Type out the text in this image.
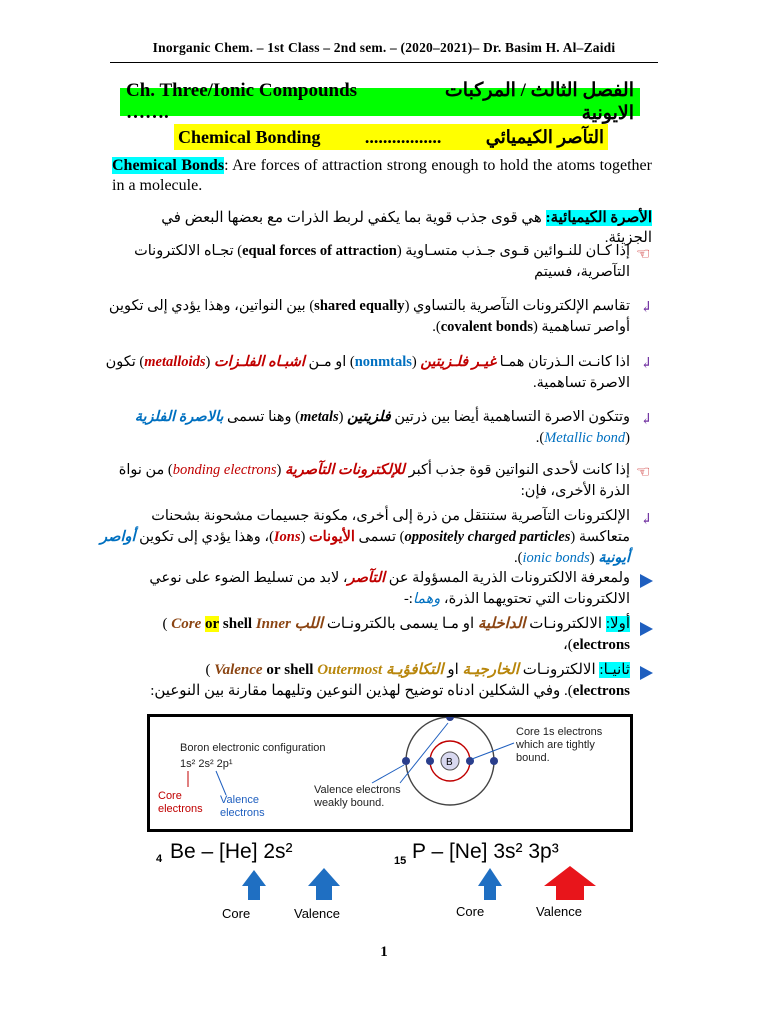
Inorganic Chem. – 1st Class – 2nd sem. – (2020–2021)– Dr. Basim H. Al–Zaidi
Ch. Three/Ionic Compounds …….
الفصل الثالث / المركبات الايونية
Chemical Bonding ................. التآصر الكيميائي
Chemical Bonds: Are forces of attraction strong enough to hold the atoms together in a molecule.
الأصرة الكيميائية: هي قوى جذب قوية بما يكفي لربط الذرات مع بعضها البعض في الجزيئة.
☜
إذا كـان للنـوائين قـوى جـذب متسـاوية (equal forces of attraction) تجـاه الالكترونات التآصرية، فسيتم
↲
تقاسم الإلكترونات التآصرية بالتساوي (shared equally) بين النواتين، وهذا يؤدي إلى تكوين أواصر تساهمية (covalent bonds).
↲
اذا كانـت الـذرتان همـا غيـر فلـزيتين (nonmtals) او مـن اشبـاه الفلـزات (metalloids) تكون الاصرة تساهمية.
↲
وتتكون الاصرة التساهمية أيضا بين ذرتين فلزيتين (metals) وهنا تسمى بالاصرة الفلزية (Metallic bond).
☜
إذا كانت لأحدى النواتين قوة جذب أكبر للإلكترونات التآصرية (bonding electrons) من نواة الذرة الأخرى، فإن:
↲
الإلكترونات التآصرية ستنتقل من ذرة إلى أخرى، مكونة جسيمات مشحونة بشحنات متعاكسة (oppositely charged particles) تسمى الأيونات (Ions)، وهذا يؤدي إلى تكوين أواصر أيونية (ionic bonds).
ولمعرفة الالكترونات الذرية المسؤولة عن التآصر، لابد من تسليط الضوء على نوعي الالكترونات التي تحتويهما الذرة، وهما:-
أولا: الالكترونـات الداخلية او مـا يسمى بالكترونـات اللب ( Core or shell Inner
electrons)،
ثانيـا: الالكترونـات الخارجيـة او التكافؤيـة ( Valence or shell Outermost
electrons). وفي الشكلين ادناه توضيح لهذين النوعين وتليهما مقارنة بين النوعين:
Boron electronic configuration
1s² 2s² 2p¹
Core
electrons
Valence
electrons
B
Valence electrons
weakly bound.
Core 1s electrons
which are tightly
bound.
4 Be – [He] 2s²	15 P – [Ne] 3s² 3p³
Core	Valence	Core	Valence
1
